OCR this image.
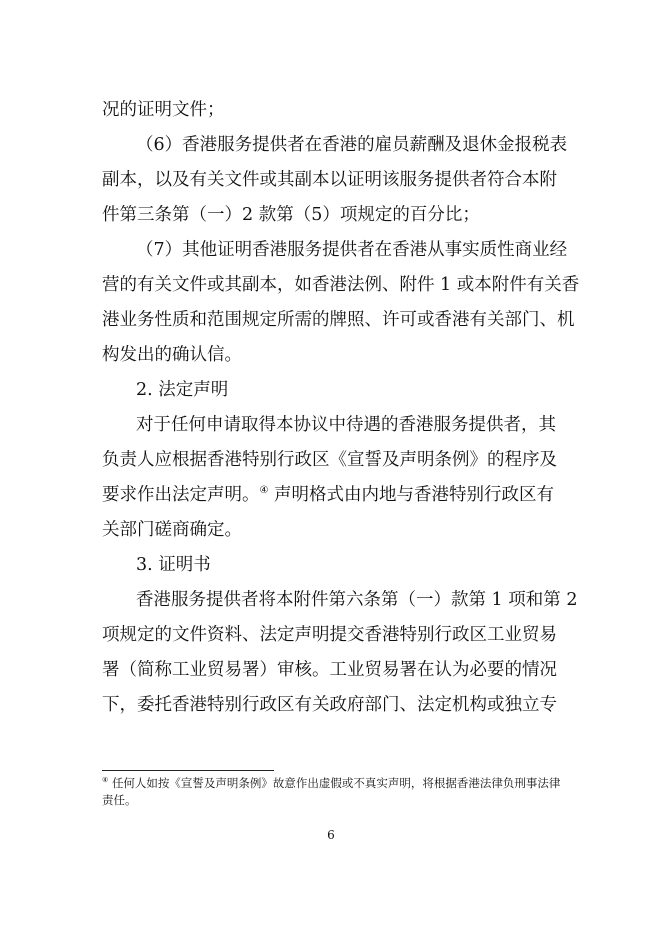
况的证明文件；
（6）香港服务提供者在香港的雇员薪酬及退休金报税表
副本，以及有关文件或其副本以证明该服务提供者符合本附
件第三条第（一）2 款第（5）项规定的百分比；
（7）其他证明香港服务提供者在香港从事实质性商业经
营的有关文件或其副本，如香港法例、附件 1 或本附件有关香
港业务性质和范围规定所需的牌照、许可或香港有关部门、机
构发出的确认信。
2. 法定声明
对于任何申请取得本协议中待遇的香港服务提供者，其
负责人应根据香港特别行政区《宣誓及声明条例》的程序及
要求作出法定声明。④ 声明格式由内地与香港特别行政区有
关部门磋商确定。
3. 证明书
香港服务提供者将本附件第六条第（一）款第 1 项和第 2
项规定的文件资料、法定声明提交香港特别行政区工业贸易
署（简称工业贸易署）审核。工业贸易署在认为必要的情况
下，委托香港特别行政区有关政府部门、法定机构或独立专
④ 任何人如按《宣誓及声明条例》故意作出虚假或不真实声明，将根据香港法律负刑事法律
责任。
6
